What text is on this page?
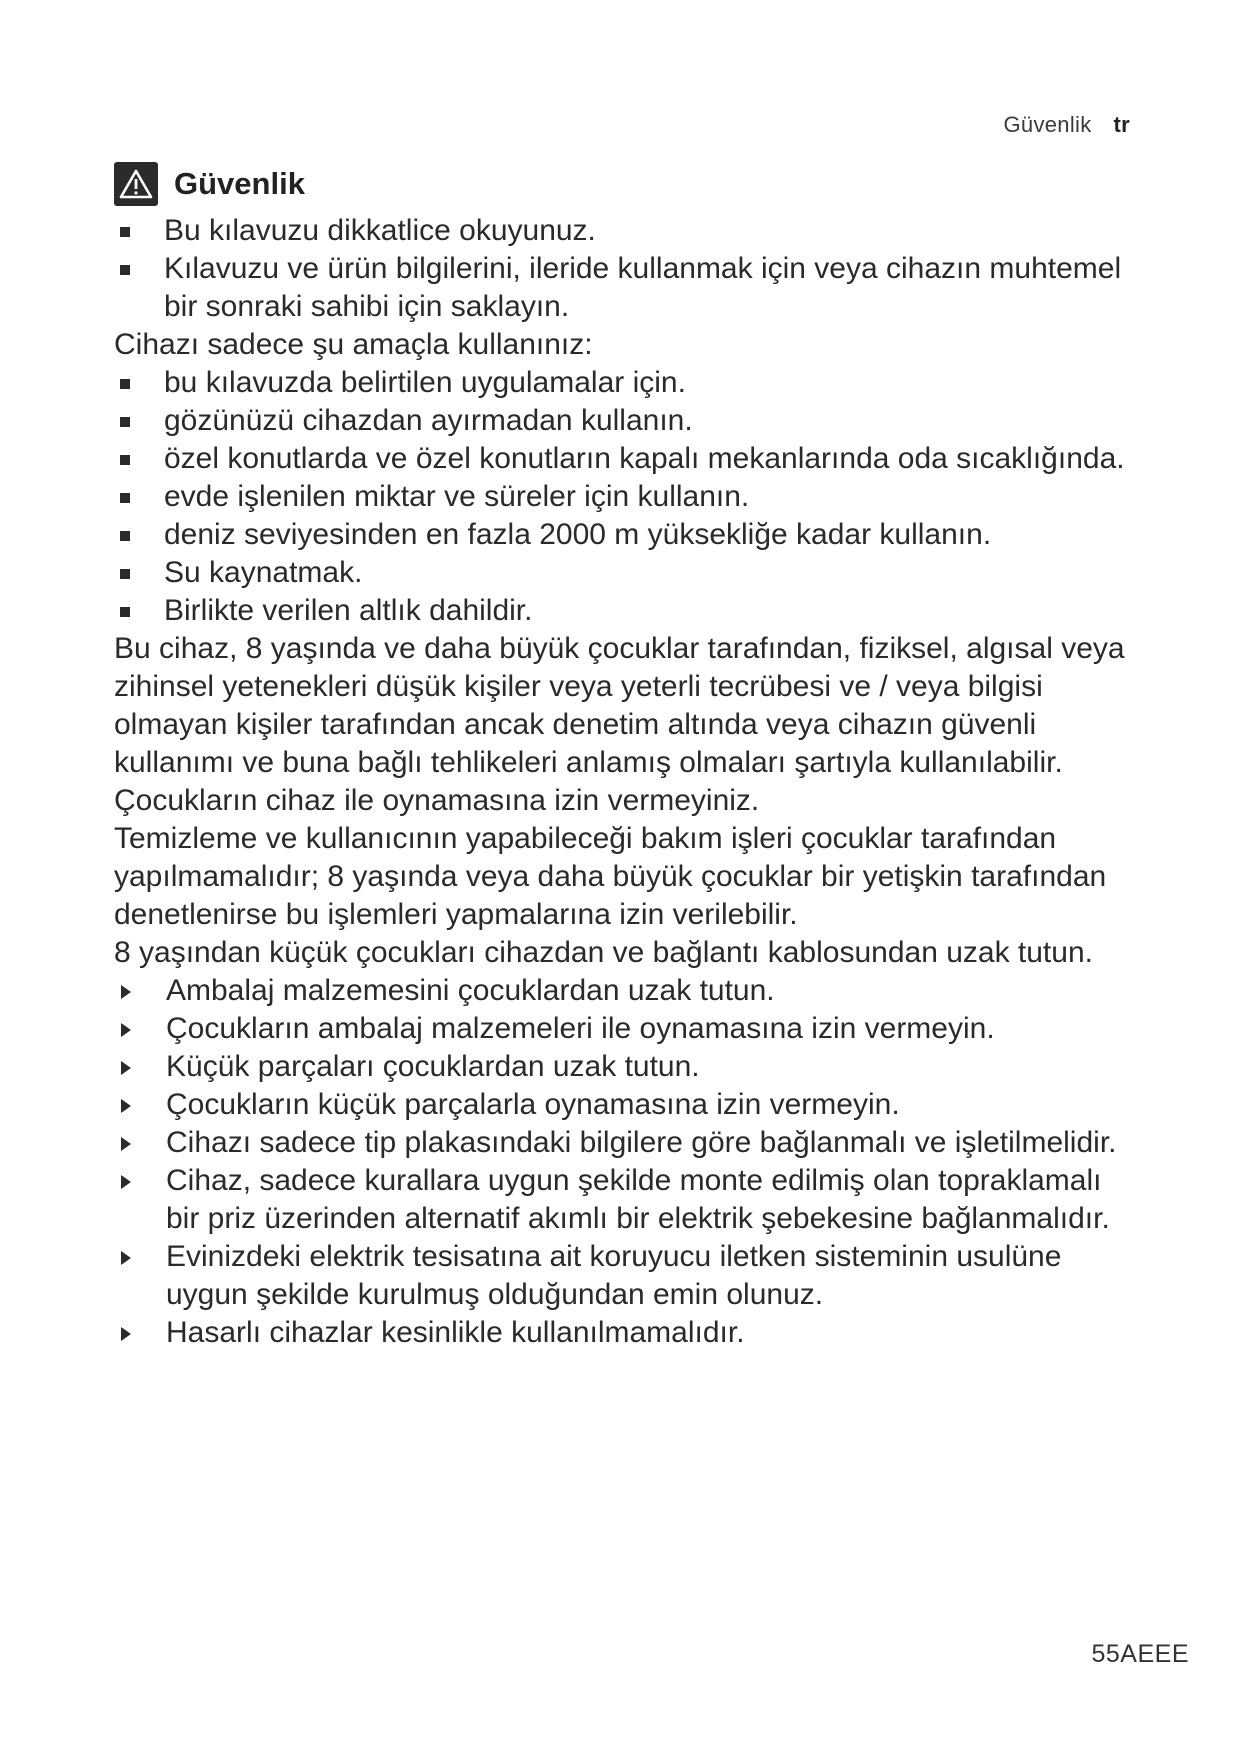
Güvenlik tr
Güvenlik
Bu kılavuzu dikkatlice okuyunuz.
Kılavuzu ve ürün bilgilerini, ileride kullanmak için veya cihazın muhtemel bir sonraki sahibi için saklayın.
Cihazı sadece şu amaçla kullanınız:
bu kılavuzda belirtilen uygulamalar için.
gözünüzü cihazdan ayırmadan kullanın.
özel konutlarda ve özel konutların kapalı mekanlarında oda sıcaklığında.
evde işlenilen miktar ve süreler için kullanın.
deniz seviyesinden en fazla 2000 m yüksekliğe kadar kullanın.
Su kaynatmak.
Birlikte verilen altlık dahildir.
Bu cihaz, 8 yaşında ve daha büyük çocuklar tarafından, fiziksel, algısal veya zihinsel yetenekleri düşük kişiler veya yeterli tecrübesi ve / veya bilgisi olmayan kişiler tarafından ancak denetim altında veya cihazın güvenli kullanımı ve buna bağlı tehlikeleri anlamış olmaları şartıyla kullanılabilir.
Çocukların cihaz ile oynamasına izin vermeyiniz.
Temizleme ve kullanıcının yapabileceği bakım işleri çocuklar tarafından yapılmamalıdır; 8 yaşında veya daha büyük çocuklar bir yetişkin tarafından denetlenirse bu işlemleri yapmalarına izin verilebilir.
8 yaşından küçük çocukları cihazdan ve bağlantı kablosundan uzak tutun.
Ambalaj malzemesini çocuklardan uzak tutun.
Çocukların ambalaj malzemeleri ile oynamasına izin vermeyin.
Küçük parçaları çocuklardan uzak tutun.
Çocukların küçük parçalarla oynamasına izin vermeyin.
Cihazı sadece tip plakasındaki bilgilere göre bağlanmalı ve işletilmelidir.
Cihaz, sadece kurallara uygun şekilde monte edilmiş olan topraklamalı bir priz üzerinden alternatif akımlı bir elektrik şebekesine bağlanmalıdır.
Evinizdeki elektrik tesisatına ait koruyucu iletken sisteminin usulüne uygun şekilde kurulmuş olduğundan emin olunuz.
Hasarlı cihazlar kesinlikle kullanılmamalıdır.
55AEEE
